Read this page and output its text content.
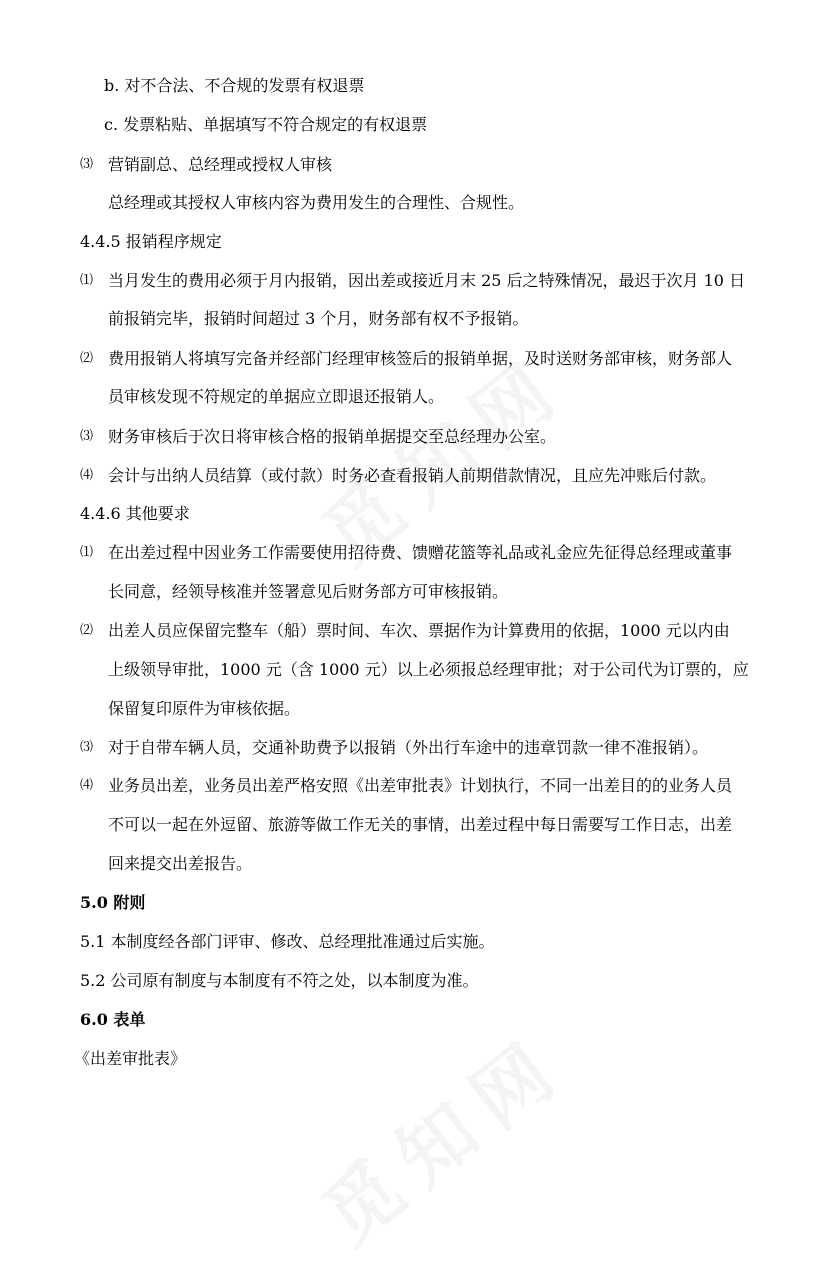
b. 对不合法、不合规的发票有权退票
c. 发票粘贴、单据填写不符合规定的有权退票
⑶ 营销副总、总经理或授权人审核
总经理或其授权人审核内容为费用发生的合理性、合规性。
4.4.5 报销程序规定
⑴ 当月发生的费用必须于月内报销，因出差或接近月末 25 后之特殊情况，最迟于次月 10 日
前报销完毕，报销时间超过 3 个月，财务部有权不予报销。
⑵ 费用报销人将填写完备并经部门经理审核签后的报销单据，及时送财务部审核，财务部人
员审核发现不符规定的单据应立即退还报销人。
⑶ 财务审核后于次日将审核合格的报销单据提交至总经理办公室。
⑷ 会计与出纳人员结算（或付款）时务必查看报销人前期借款情况，且应先冲账后付款。
4.4.6 其他要求
⑴ 在出差过程中因业务工作需要使用招待费、馈赠花篮等礼品或礼金应先征得总经理或董事
长同意，经领导核准并签署意见后财务部方可审核报销。
⑵ 出差人员应保留完整车（船）票时间、车次、票据作为计算费用的依据，1000 元以内由
上级领导审批，1000 元（含 1000 元）以上必须报总经理审批；对于公司代为订票的，应
保留复印原件为审核依据。
⑶ 对于自带车辆人员，交通补助费予以报销（外出行车途中的违章罚款一律不准报销）。
⑷ 业务员出差，业务员出差严格安照《出差审批表》计划执行，不同一出差目的的业务人员
不可以一起在外逗留、旅游等做工作无关的事情，出差过程中每日需要写工作日志，出差
回来提交出差报告。
5.0 附则
5.1 本制度经各部门评审、修改、总经理批准通过后实施。
5.2 公司原有制度与本制度有不符之处，以本制度为准。
6.0 表单
《出差审批表》
